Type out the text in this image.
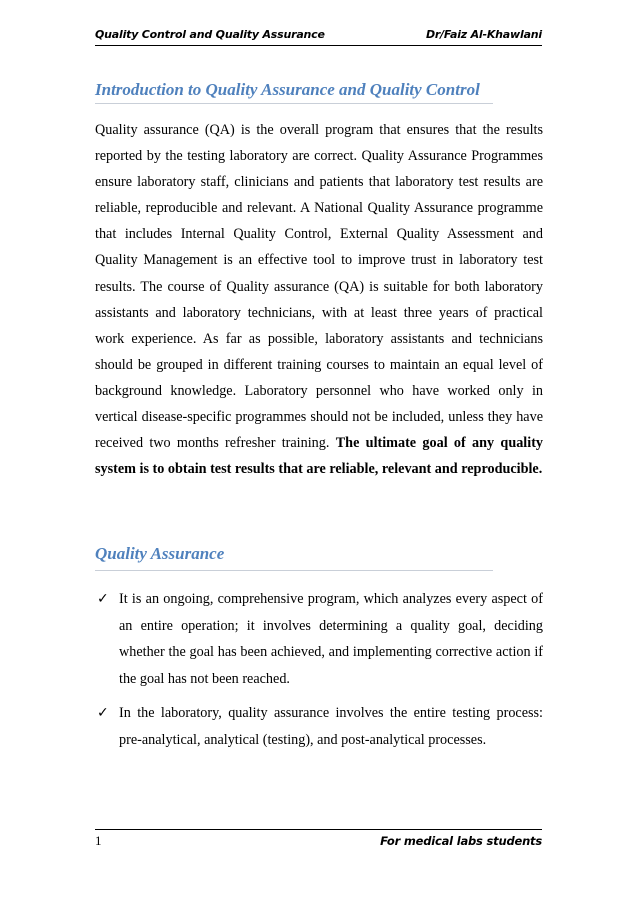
Quality Control and Quality Assurance	Dr/Faiz Al-Khawlani
Introduction to Quality Assurance and Quality Control

Quality assurance (QA) is the overall program that ensures that the results reported by the testing laboratory are correct. Quality Assurance Programmes ensure laboratory staff, clinicians and patients that laboratory test results are reliable, reproducible and relevant. A National Quality Assurance programme that includes Internal Quality Control, External Quality Assessment and Quality Management is an effective tool to improve trust in laboratory test results. The course of Quality assurance (QA) is suitable for both laboratory assistants and laboratory technicians, with at least three years of practical work experience. As far as possible, laboratory assistants and technicians should be grouped in different training courses to maintain an equal level of background knowledge. Laboratory personnel who have worked only in vertical disease-specific programmes should not be included, unless they have received two months refresher training. The ultimate goal of any quality system is to obtain test results that are reliable, relevant and reproducible.

Quality Assurance
✓ It is an ongoing, comprehensive program, which analyzes every aspect of an entire operation; it involves determining a quality goal, deciding whether the goal has been achieved, and implementing corrective action if the goal has not been reached.

✓ In the laboratory, quality assurance involves the entire testing process: pre-analytical, analytical (testing), and post-analytical processes.

1	For medical labs students
